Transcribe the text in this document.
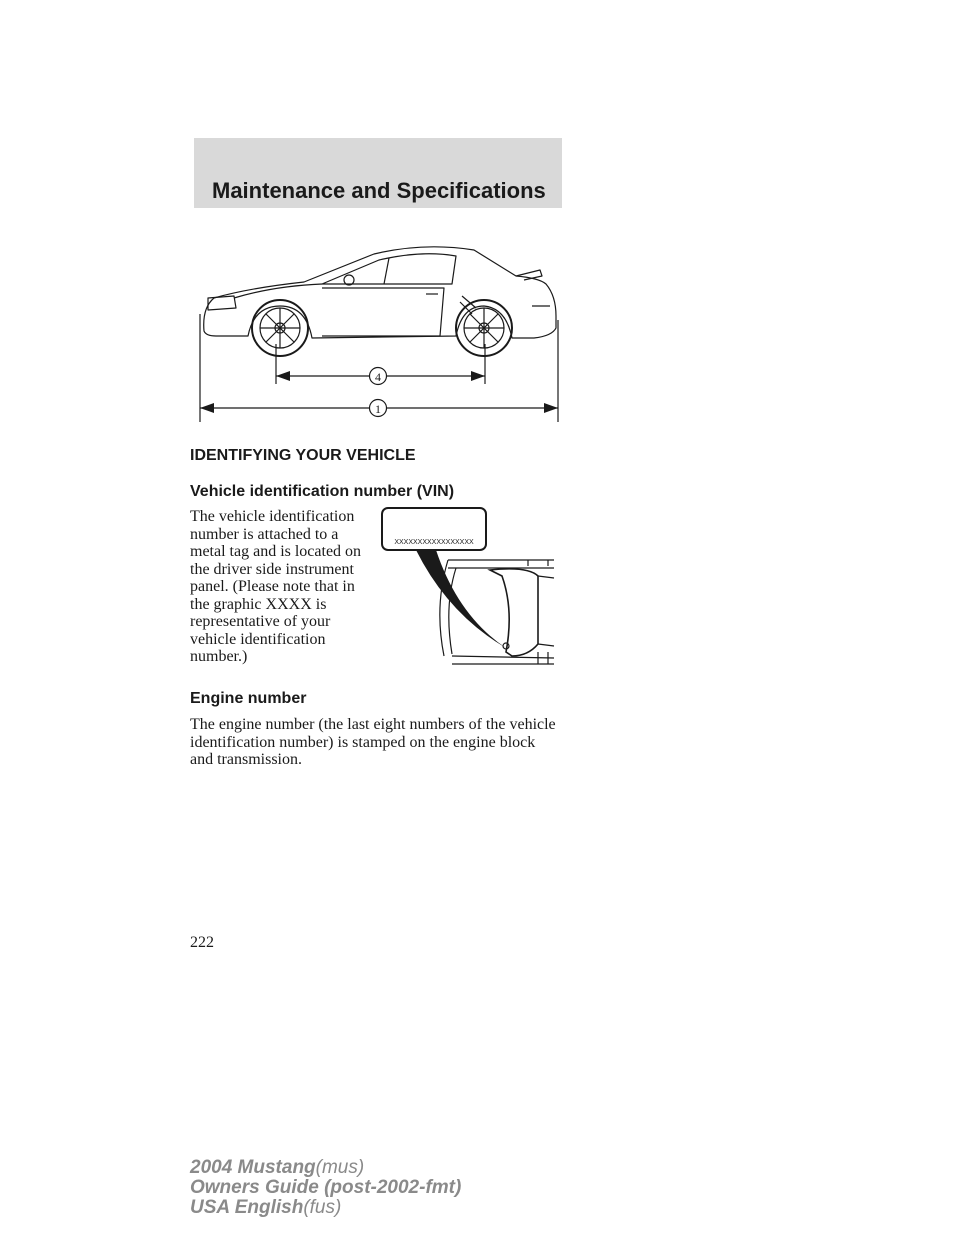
Maintenance and Specifications
4
1
IDENTIFYING YOUR VEHICLE
Vehicle identification number (VIN)

The vehicle identification number is attached to a metal tag and is located on the driver side instrument panel. (Please note that in the graphic XXXX is representative of your vehicle identification number.)

XXXXXXXXXXXXXXXXX
Engine number

The engine number (the last eight numbers of the vehicle identification number) is stamped on the engine block and transmission.

222
2004 Mustang(mus)
Owners Guide (post-2002-fmt)
USA English(fus)
